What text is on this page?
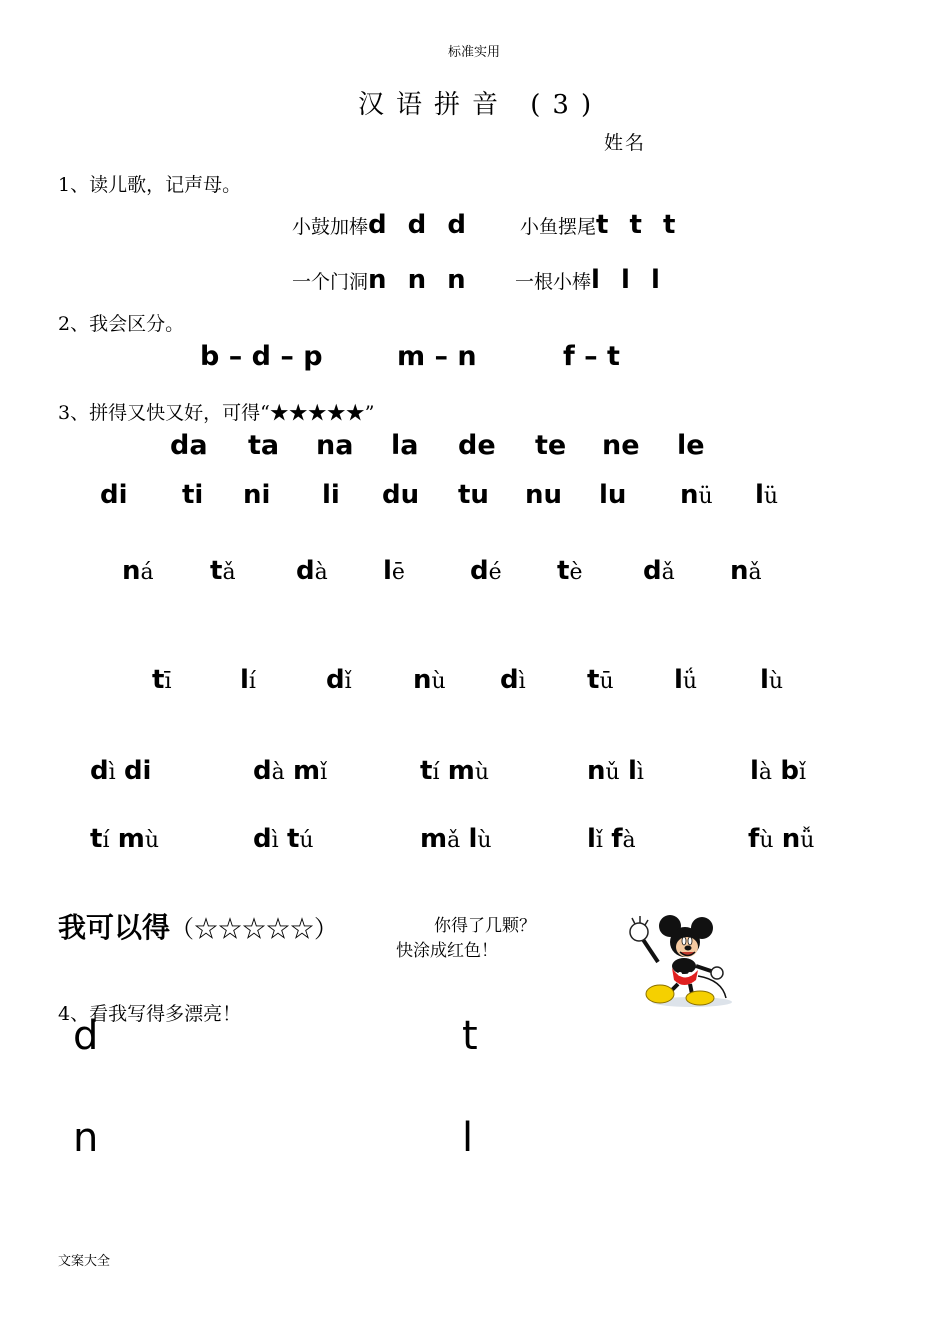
标准实用
汉语拼音 (3)
姓名
1、读儿歌，记声母。
小鼓加棒d d d	小鱼摆尾t t t
一个门洞n n n 一根小棒l l l
2、我会区分。
b – d – p	m – n	f – t
3、拼得又快又好，可得“★★★★★”
da ta na la de te ne le
di ti ni li du tu nu lu nü lü
ná tǎ dà lē	dé tè dǎ nǎ
tī	lí	dǐ nù dì tū lǘ lù
dì di	dà mǐ	tí mù	nǔ lì	là bǐ
tí mù	dì tú	mǎ lù	lǐ fà	fù nǚ
我可以得（☆☆☆☆☆）	你得了几颗？
快涂成红色！
4、看我写得多漂亮！
d	t
n	l
文案大全
